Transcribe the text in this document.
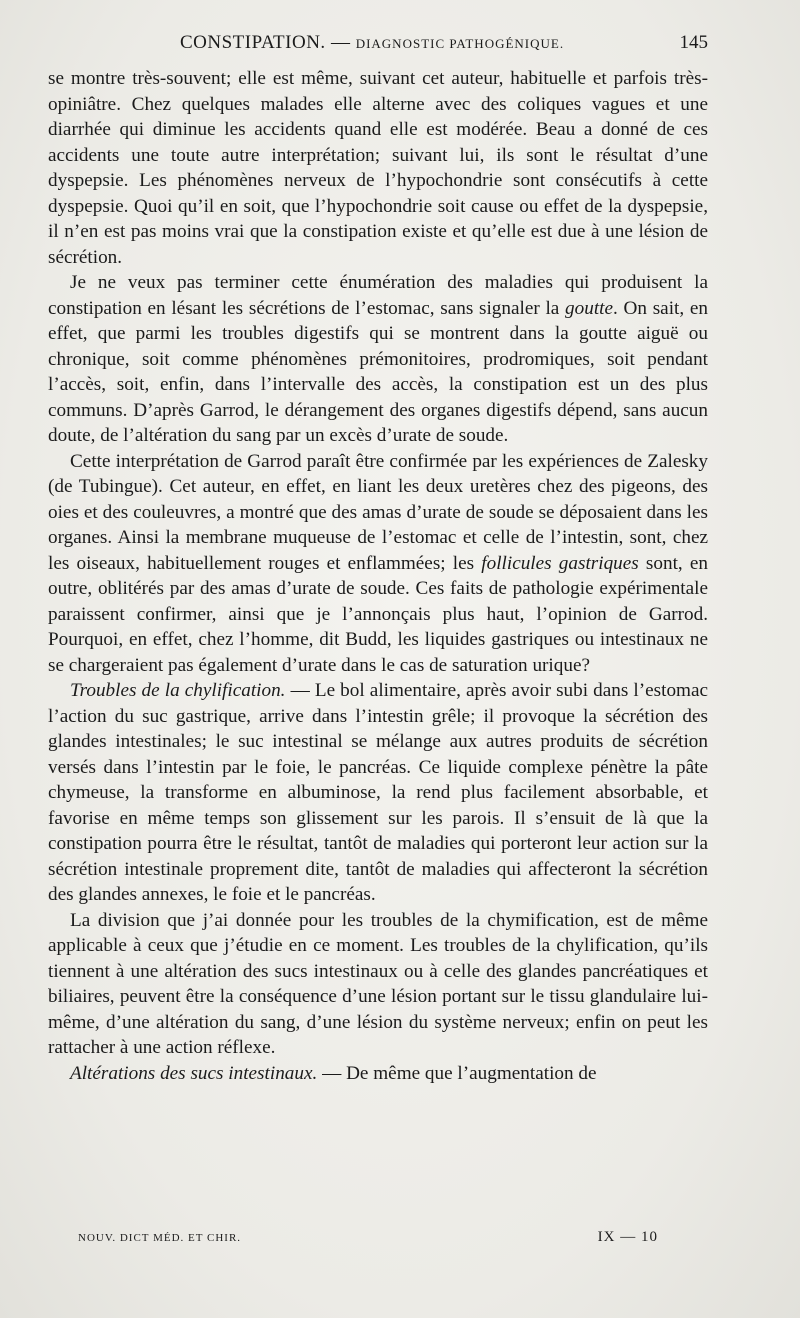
CONSTIPATION. — DIAGNOSTIC PATHOGÉNIQUE.	145

se montre très-souvent; elle est même, suivant cet auteur, habituelle et parfois très-opiniâtre. Chez quelques malades elle alterne avec des coliques vagues et une diarrhée qui diminue les accidents quand elle est modérée. Beau a donné de ces accidents une toute autre interprétation; suivant lui, ils sont le résultat d’une dyspepsie. Les phénomènes nerveux de l’hypochondrie sont consécutifs à cette dyspepsie. Quoi qu’il en soit, que l’hypochondrie soit cause ou effet de la dyspepsie, il n’en est pas moins vrai que la constipation existe et qu’elle est due à une lésion de sécrétion.

Je ne veux pas terminer cette énumération des maladies qui produisent la constipation en lésant les sécrétions de l’estomac, sans signaler la goutte. On sait, en effet, que parmi les troubles digestifs qui se montrent dans la goutte aiguë ou chronique, soit comme phénomènes prémonitoires, prodromiques, soit pendant l’accès, soit, enfin, dans l’intervalle des accès, la constipation est un des plus communs. D’après Garrod, le dérangement des organes digestifs dépend, sans aucun doute, de l’altération du sang par un excès d’urate de soude.

Cette interprétation de Garrod paraît être confirmée par les expériences de Zalesky (de Tubingue). Cet auteur, en effet, en liant les deux uretères chez des pigeons, des oies et des couleuvres, a montré que des amas d’urate de soude se déposaient dans les organes. Ainsi la membrane muqueuse de l’estomac et celle de l’intestin, sont, chez les oiseaux, habituellement rouges et enflammées; les follicules gastriques sont, en outre, oblitérés par des amas d’urate de soude. Ces faits de pathologie expérimentale paraissent confirmer, ainsi que je l’annonçais plus haut, l’opinion de Garrod. Pourquoi, en effet, chez l’homme, dit Budd, les liquides gastriques ou intestinaux ne se chargeraient pas également d’urate dans le cas de saturation urique?

Troubles de la chylification. — Le bol alimentaire, après avoir subi dans l’estomac l’action du suc gastrique, arrive dans l’intestin grêle; il provoque la sécrétion des glandes intestinales; le suc intestinal se mélange aux autres produits de sécrétion versés dans l’intestin par le foie, le pancréas. Ce liquide complexe pénètre la pâte chymeuse, la transforme en albuminose, la rend plus facilement absorbable, et favorise en même temps son glissement sur les parois. Il s’ensuit de là que la constipation pourra être le résultat, tantôt de maladies qui porteront leur action sur la sécrétion intestinale proprement dite, tantôt de maladies qui affecteront la sécrétion des glandes annexes, le foie et le pancréas.

La division que j’ai donnée pour les troubles de la chymification, est de même applicable à ceux que j’étudie en ce moment. Les troubles de la chylification, qu’ils tiennent à une altération des sucs intestinaux ou à celle des glandes pancréatiques et biliaires, peuvent être la conséquence d’une lésion portant sur le tissu glandulaire lui-même, d’une altération du sang, d’une lésion du système nerveux; enfin on peut les rattacher à une action réflexe.

Altérations des sucs intestinaux. — De même que l’augmentation de

NOUV. DICT MÉD. ET CHIR.	IX — 10
